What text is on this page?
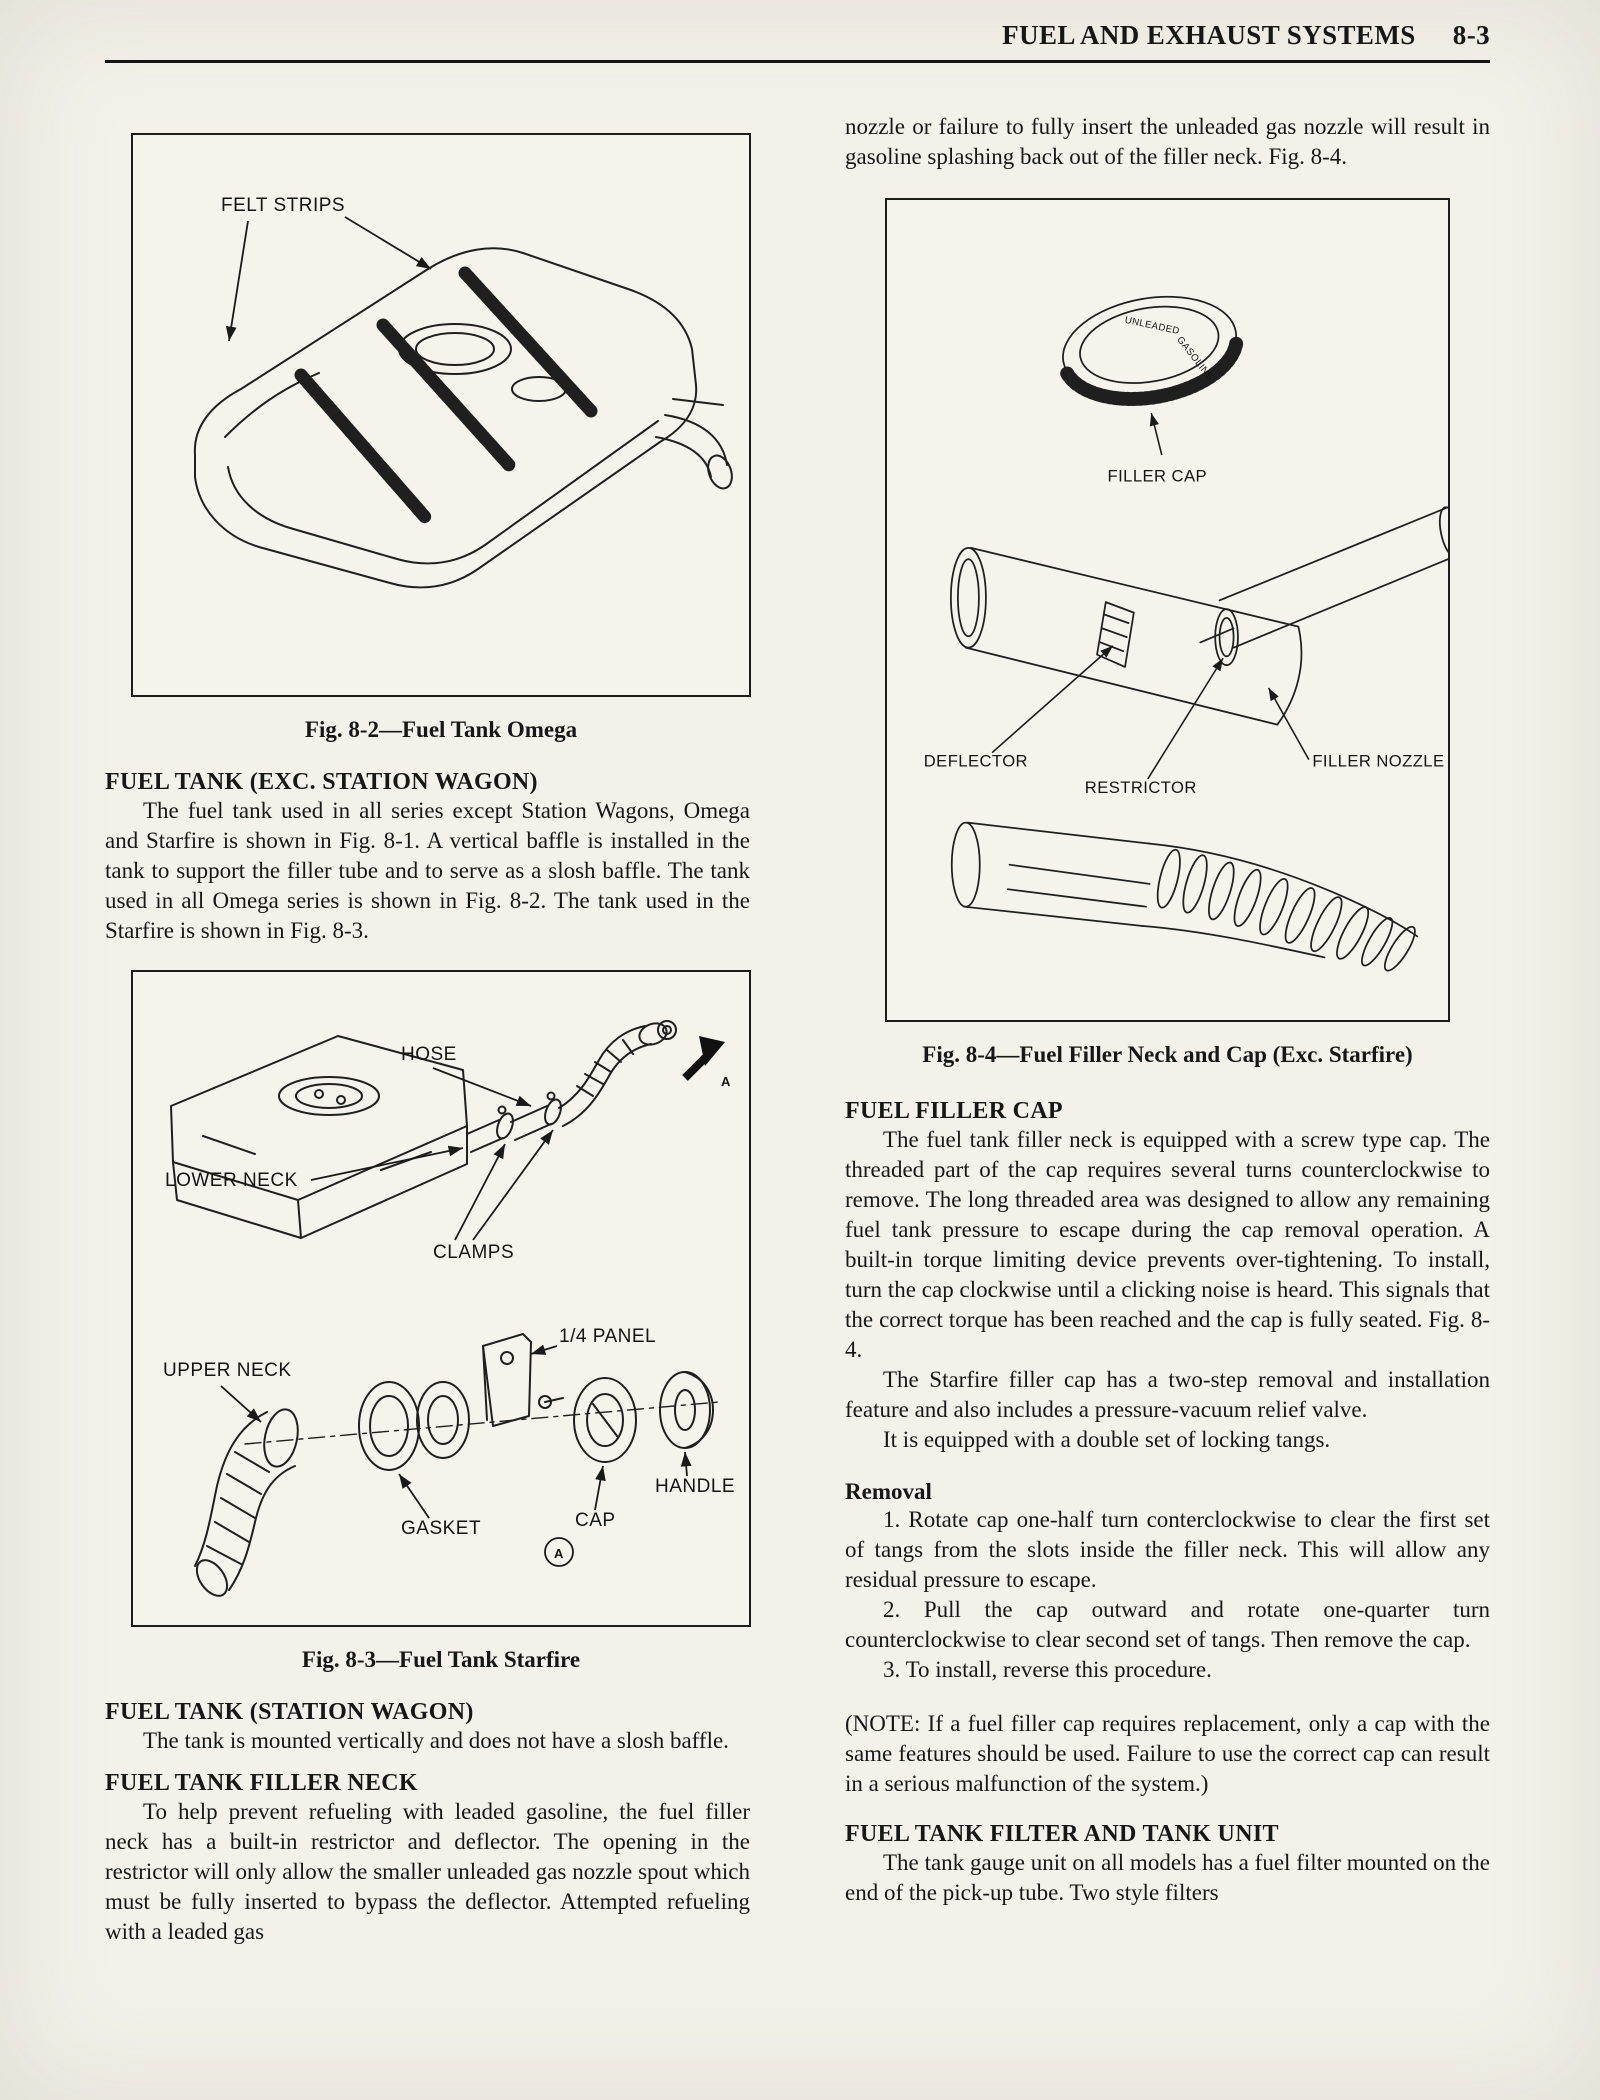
FUEL AND EXHAUST SYSTEMS 8-3
FELT STRIPS
Fig. 8-2—Fuel Tank Omega
FUEL TANK (EXC. STATION WAGON)

The fuel tank used in all series except Station Wagons, Omega and Starfire is shown in Fig. 8-1. A vertical baffle is installed in the tank to support the filler tube and to serve as a slosh baffle. The tank used in all Omega series is shown in Fig. 8-2. The tank used in the Starfire is shown in Fig. 8-3.

A
HOSE
LOWER NECK
CLAMPS
UPPER NECK
1/4 PANEL
GASKET	CAP
HANDLE
A
Fig. 8-3—Fuel Tank Starfire
FUEL TANK (STATION WAGON)

The tank is mounted vertically and does not have a slosh baffle.

FUEL TANK FILLER NECK

To help prevent refueling with leaded gasoline, the fuel filler neck has a built-in restrictor and deflector. The opening in the restrictor will only allow the smaller unleaded gas nozzle spout which must be fully inserted to bypass the deflector. Attempted refueling with a leaded gas

nozzle or failure to fully insert the unleaded gas nozzle will result in gasoline splashing back out of the filler neck. Fig. 8-4.

UNLEADED
GASOLINE
FILLER CAP
DEFLECTOR
RESTRICTOR
FILLER NOZZLE
Fig. 8-4—Fuel Filler Neck and Cap (Exc. Starfire)
FUEL FILLER CAP

The fuel tank filler neck is equipped with a screw type cap. The threaded part of the cap requires several turns counterclockwise to remove. The long threaded area was designed to allow any remaining fuel tank pressure to escape during the cap removal operation. A built-in torque limiting device prevents over-tightening. To install, turn the cap clockwise until a clicking noise is heard. This signals that the correct torque has been reached and the cap is fully seated. Fig. 8-4.

The Starfire filler cap has a two-step removal and installation feature and also includes a pressure-vacuum relief valve.

It is equipped with a double set of locking tangs.

Removal

1. Rotate cap one-half turn conterclockwise to clear the first set of tangs from the slots inside the filler neck. This will allow any residual pressure to escape.

2. Pull the cap outward and rotate one-quarter turn counterclockwise to clear second set of tangs. Then remove the cap.

3. To install, reverse this procedure.

(NOTE: If a fuel filler cap requires replacement, only a cap with the same features should be used. Failure to use the correct cap can result in a serious malfunction of the system.)

FUEL TANK FILTER AND TANK UNIT

The tank gauge unit on all models has a fuel filter mounted on the end of the pick-up tube. Two style filters
